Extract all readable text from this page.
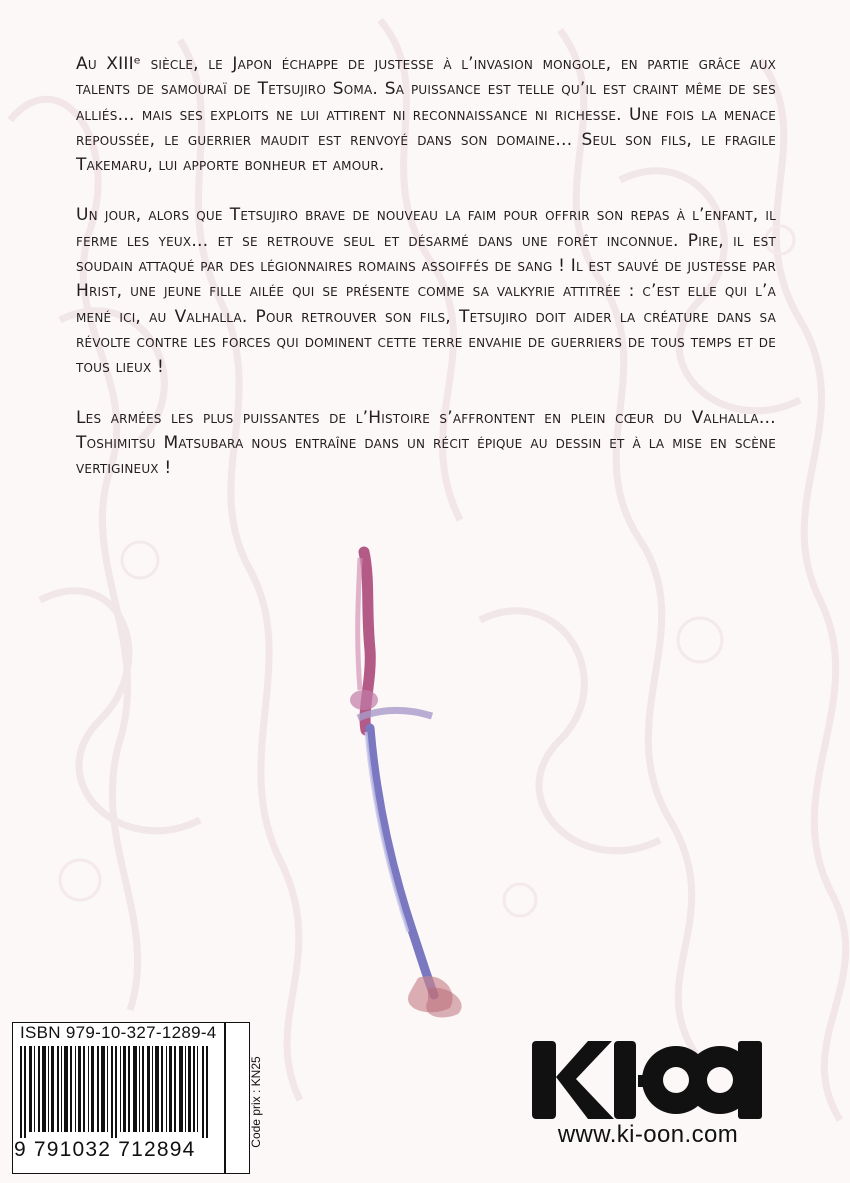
Au XIIIᵉ siècle, le Japon échappe de justesse à l’invasion mongole, en partie grâce aux talents de samouraï de Tetsujiro Soma. Sa puissance est telle qu’il est craint même de ses alliés… mais ses exploits ne lui attirent ni reconnaissance ni richesse. Une fois la menace repoussée, le guerrier maudit est renvoyé dans son domaine… Seul son fils, le fragile Takemaru, lui apporte bonheur et amour.

Un jour, alors que Tetsujiro brave de nouveau la faim pour offrir son repas à l’enfant, il ferme les yeux… et se retrouve seul et désarmé dans une forêt inconnue. Pire, il est soudain attaqué par des légionnaires romains assoiffés de sang ! Il est sauvé de justesse par Hrist, une jeune fille ailée qui se présente comme sa valkyrie attitrée : c’est elle qui l’a mené ici, au Valhalla. Pour retrouver son fils, Tetsujiro doit aider la créature dans sa révolte contre les forces qui dominent cette terre envahie de guerriers de tous temps et de tous lieux !

Les armées les plus puissantes de l’Histoire s’affrontent en plein cœur du Valhalla… Toshimitsu Matsubara nous entraîne dans un récit épique au dessin et à la mise en scène vertigineux !

ISBN 979-10-327-1289-4
9 791032 712894
Code prix : KN25	キューン
www.ki-oon.com
